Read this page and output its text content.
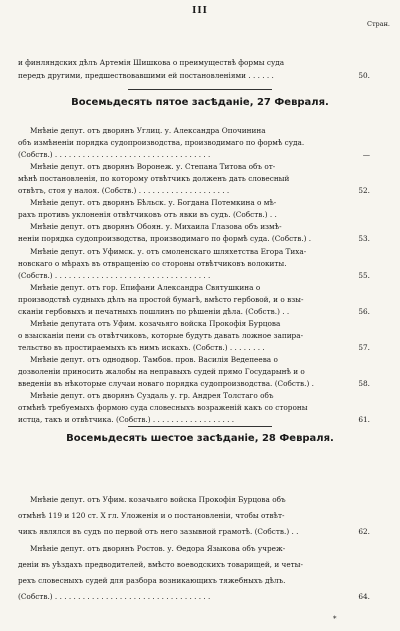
III
Стран.
и финляндских дѣлъ Артемія Шишкова о преимуществѣ формы суда
передъ другими, предшествовавшими ей постановленіями . . . . . .	50.
Восемьдесять пятое засѣданіе, 27 Февраля.
Мнѣніе депут. отъ дворянъ Углиц. у. Александра Опочинина
объ измѣненіи порядка судопроизводства, производимаго по формѣ суда.
(Собств.) . . . . . . . . . . . . . . . . . . . . . . . . . . . . . . . . . .	—
Мнѣніе депут. отъ дворянъ Воронеж. у. Степана Титова объ от-
мѣнѣ постановленія, по которому отвѣтчикъ долженъ дать словесный
отвѣтъ, стоя у налоя. (Собств.) . . . . . . . . . . . . . . . . . . . .	52.
Мнѣніе депут. отъ дворянъ Бѣльск. у. Богдана Потемкина о мѣ-
рахъ противъ уклоненія отвѣтчиковъ отъ явки въ судъ. (Собств.) . .
Мнѣніе депут. отъ дворянъ Обоян. у. Михаила Глазова объ измѣ-
неніи порядка судопроизводства, производимаго по формѣ суда. (Собств.) .	53.
Мнѣніе депут. отъ Уфимск. у. отъ смоленскаго шляхетства Егора Тиха-
новскаго о мѣрахъ въ отвращенію со стороны отвѣтчиковъ волокиты.
(Собств.) . . . . . . . . . . . . . . . . . . . . . . . . . . . . . . . . . .	55.
Мнѣніе депут. отъ гор. Епифани Александра Святушкина о
производствѣ судныхъ дѣлъ на простой бумагѣ, вмѣсто гербовой, и о взы-
сканіи гербовыхъ и печатныхъ пошлинъ по рѣшеніи дѣла. (Собств.) . .	56.
Мнѣніе депутата отъ Уфим. козачьяго войска Прокофія Бурцова
о взысканіи пени съ отвѣтчиковъ, которые будутъ давать ложное запира-
тельство въ простираемыхъ къ нимъ искахъ. (Собств.) . . . . . . . .	57.
Мнѣніе депут. отъ однодвор. Тамбов. пров. Василія Ведепеева о
дозволеніи приносить жалобы на неправыхъ судей прямо Государынѣ и о
введеніи въ нѣкоторые случаи новаго порядка судопроизводства. (Собств.) .	58.
Мнѣніе депут. отъ дворянъ Суздаль у. гр. Андрея Толстаго объ
отмѣнѣ требуемыхъ формою суда словесныхъ возраженій какъ со стороны
истца, такъ и отвѣтчика. (Собств.) . . . . . . . . . . . . . . . . . .	61.
Восемьдесять шестое засѣданіе, 28 Февраля.
Мнѣніе депут. отъ Уфим. козачьяго войска Прокофія Бурцова объ
отмѣнѣ 119 и 120 ст. X гл. Уложенія и о постановленіи, чтобы отвѣт-
чикъ являлся въ судъ по первой отъ него зазывной грамотѣ. (Собств.) . .	62.
Мнѣніе депут. отъ дворянъ Ростов. у. Ѳедора Языкова объ учреж-
деніи въ уѣздахъ предводителей, вмѣсто воеводскихъ товарищей, и четы-
рехъ словесныхъ судей для разбора возникающихъ тяжебныхъ дѣлъ.
(Собств.) . . . . . . . . . . . . . . . . . . . . . . . . . . . . . . . . . .	64.
*
